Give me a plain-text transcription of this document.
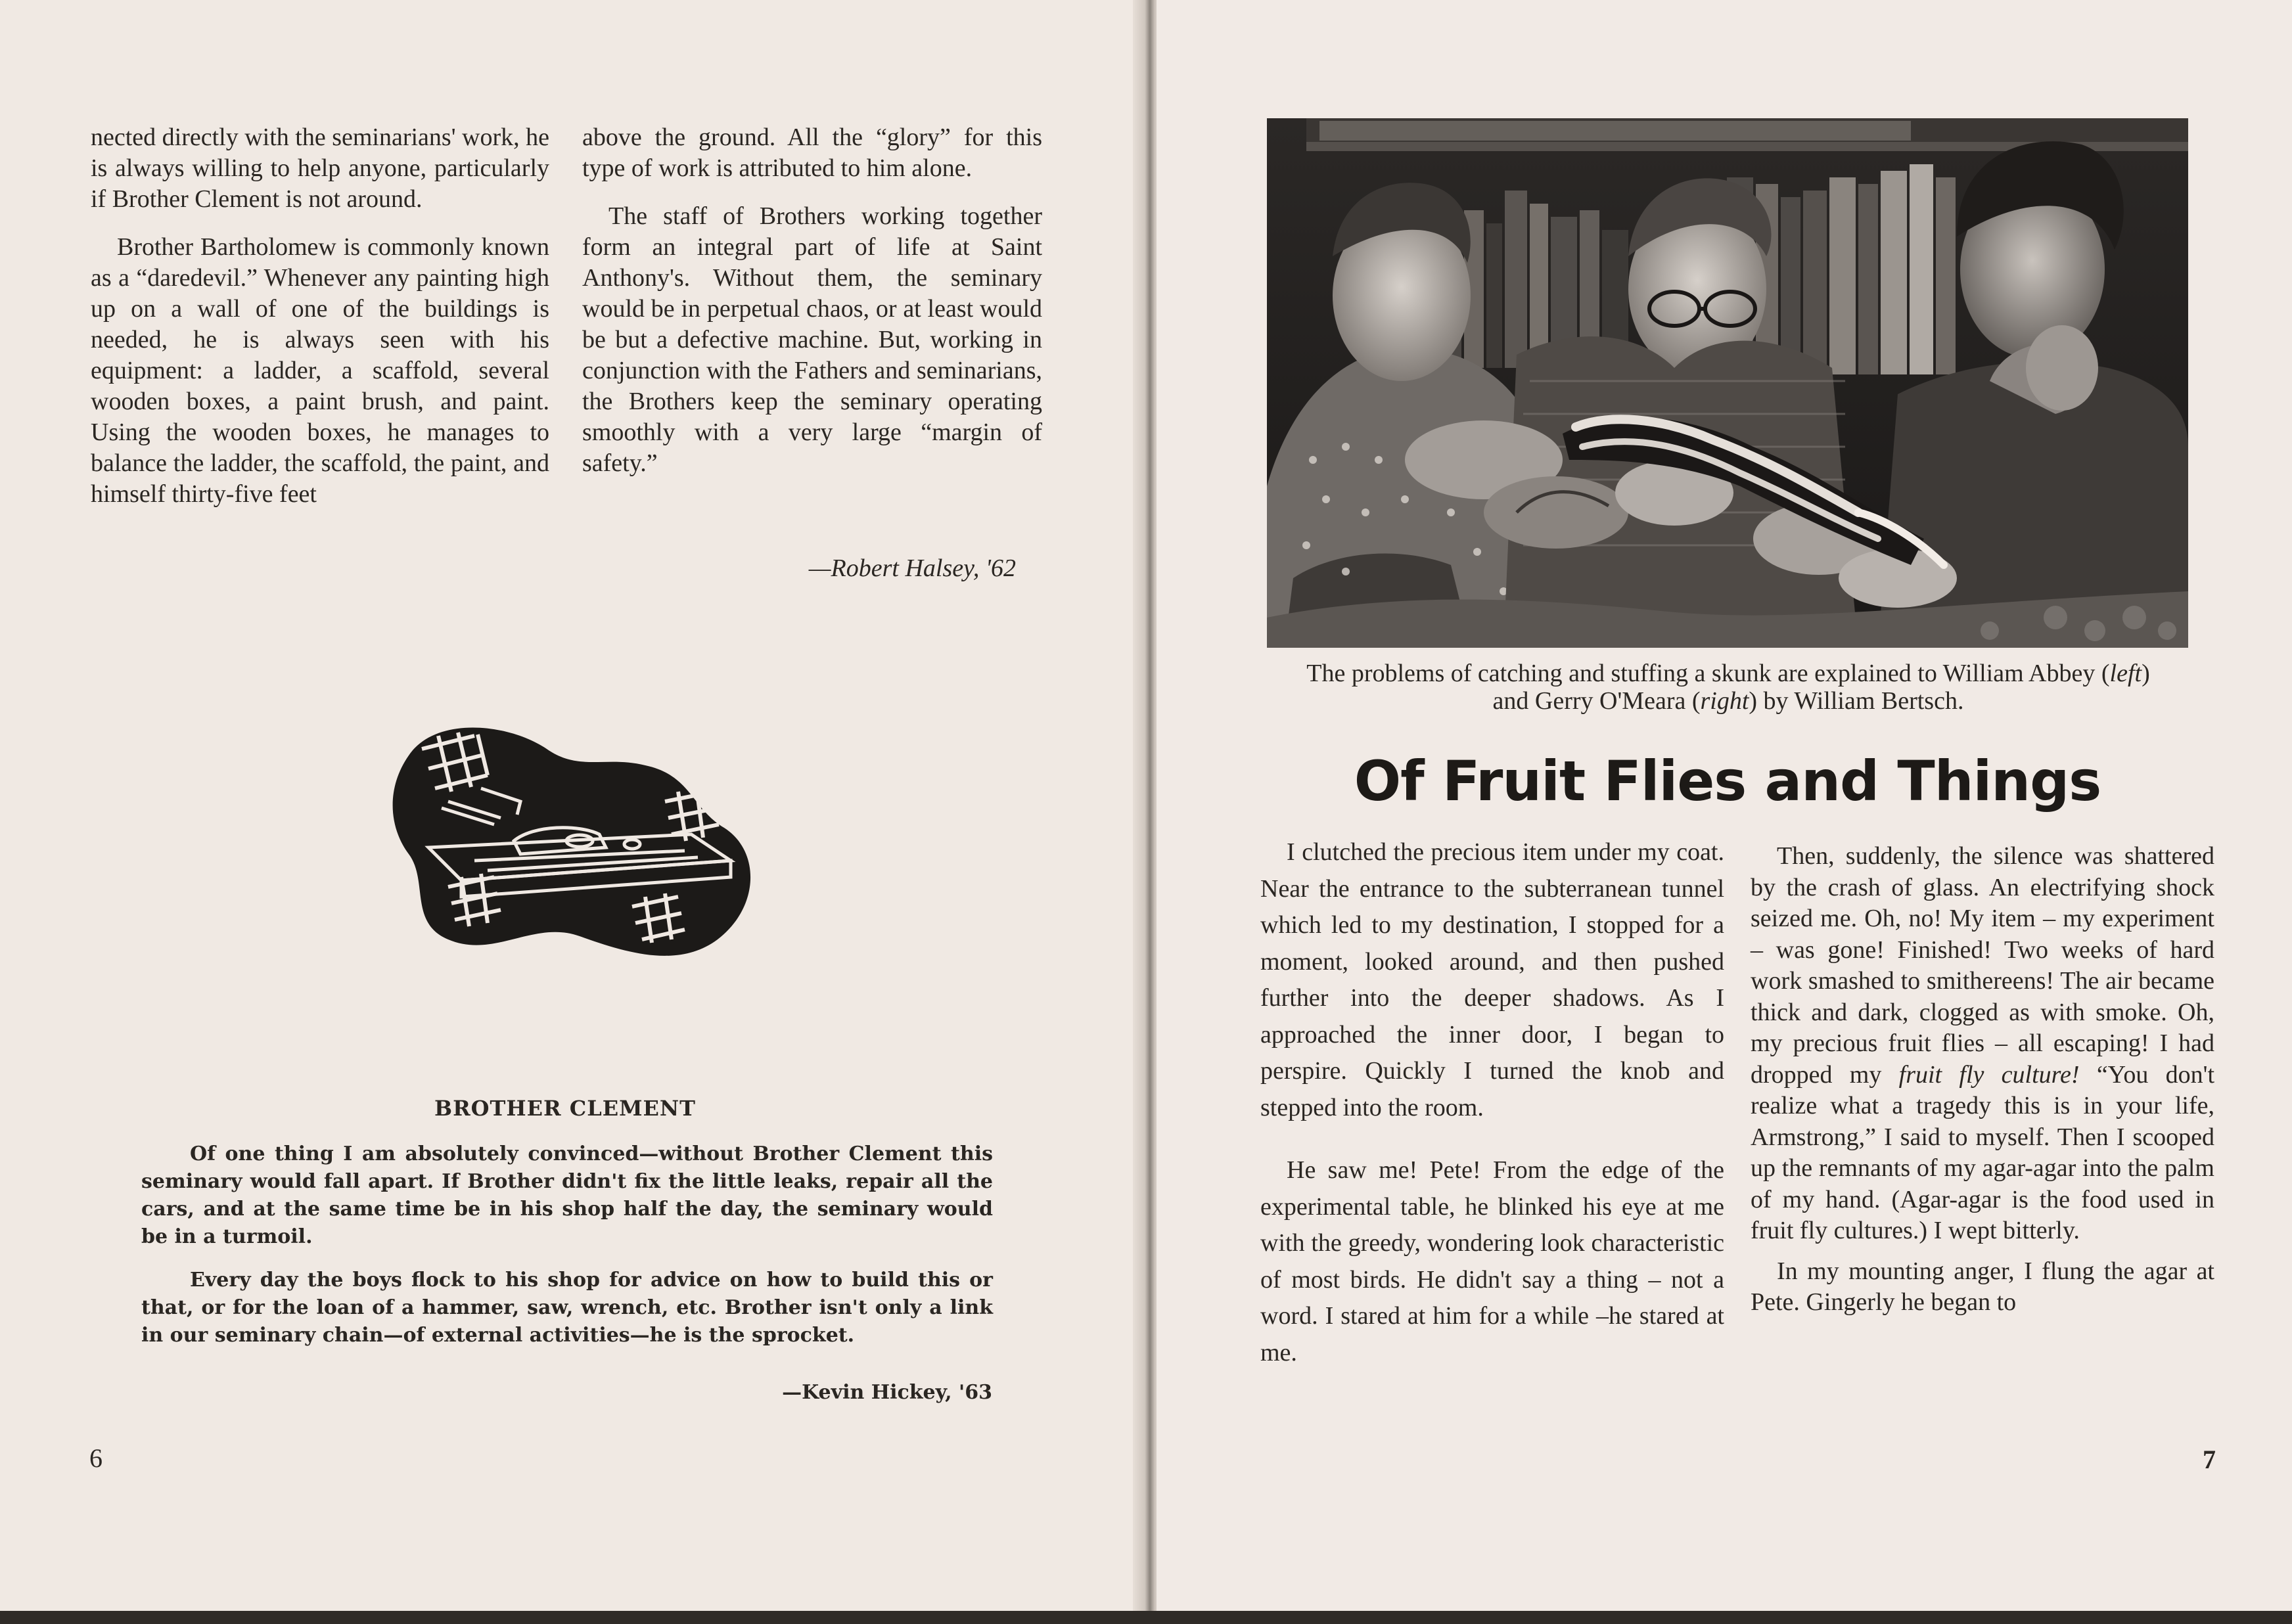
nected directly with the seminarians' work, he is always willing to help anyone, particularly if Brother Clement is not around.

Brother Bartholomew is commonly known as a “daredevil.” Whenever any painting high up on a wall of one of the buildings is needed, he is always seen with his equipment: a ladder, a scaffold, several wooden boxes, a paint brush, and paint. Using the wooden boxes, he manages to balance the ladder, the scaffold, the paint, and himself thirty-five feet

above the ground. All the “glory” for this type of work is attributed to him alone.

The staff of Brothers working together form an integral part of life at Saint Anthony's. Without them, the seminary would be in perpetual chaos, or at least would be but a defective machine. But, working in conjunction with the Fathers and seminarians, the Brothers keep the seminary operating smoothly with a very large “margin of safety.”

—Robert Halsey, '62
BROTHER CLEMENT

Of one thing I am absolutely convinced—without Brother Clement this seminary would fall apart. If Brother didn't fix the little leaks, repair all the cars, and at the same time be in his shop half the day, the seminary would be in a turmoil.

Every day the boys flock to his shop for advice on how to build this or that, or for the loan of a hammer, saw, wrench, etc. Brother isn't only a link in our seminary chain—of external activities—he is the sprocket.

—Kevin Hickey, '63
6
The problems of catching and stuffing a skunk are explained to William Abbey (left) and Gerry O'Meara (right) by William Bertsch.
Of Fruit Flies and Things

I clutched the precious item under my coat. Near the entrance to the subterranean tunnel which led to my destination, I stopped for a moment, looked around, and then pushed further into the deeper shadows. As I approached the inner door, I began to perspire. Quickly I turned the knob and stepped into the room.

He saw me! Pete! From the edge of the experimental table, he blinked his eye at me with the greedy, wondering look characteristic of most birds. He didn't say a thing – not a word. I stared at him for a while –he stared at me.

Then, suddenly, the silence was shattered by the crash of glass. An electrifying shock seized me. Oh, no! My item – my experiment – was gone! Finished! Two weeks of hard work smashed to smithereens! The air became thick and dark, clogged as with smoke. Oh, my precious fruit flies – all escaping! I had dropped my fruit fly culture! “You don't realize what a tragedy this is in your life, Armstrong,” I said to myself. Then I scooped up the remnants of my agar-agar into the palm of my hand. (Agar-agar is the food used in fruit fly cultures.) I wept bitterly.

In my mounting anger, I flung the agar at Pete. Gingerly he began to

7
